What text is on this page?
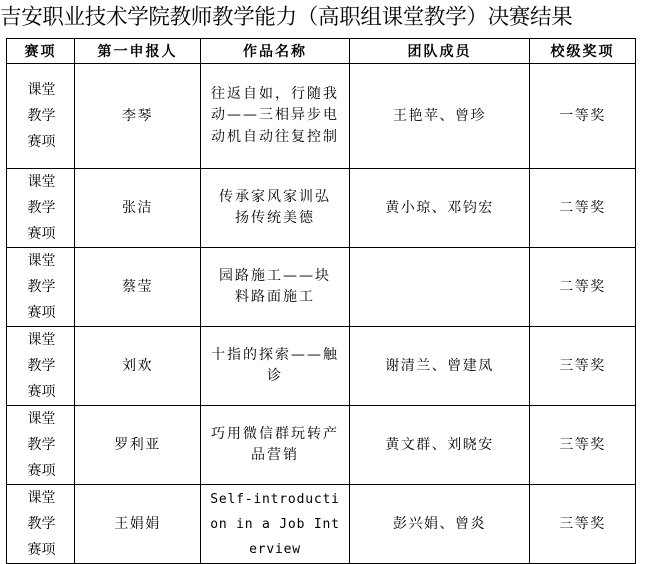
吉安职业技术学院教师教学能力（高职组课堂教学）决赛结果
赛项	第一申报人	作品名称	团队成员	校级奖项
课堂教学赛项	李琴	往返自如，行随我动——三相异步电动机自动往复控制	王艳苹、曾珍	一等奖
课堂教学赛项	张洁	传承家风家训弘扬传统美德	黄小琼、邓钧宏	二等奖
课堂教学赛项	蔡莹	园路施工——块料路面施工		二等奖
课堂教学赛项	刘欢	十指的探索——触诊	谢清兰、曾建凤	三等奖
课堂教学赛项	罗利亚	巧用微信群玩转产品营销	黄文群、刘晓安	三等奖
课堂教学赛项	王娟娟	Self-introduction in a Job Interview	彭兴娟、曾炎	三等奖
